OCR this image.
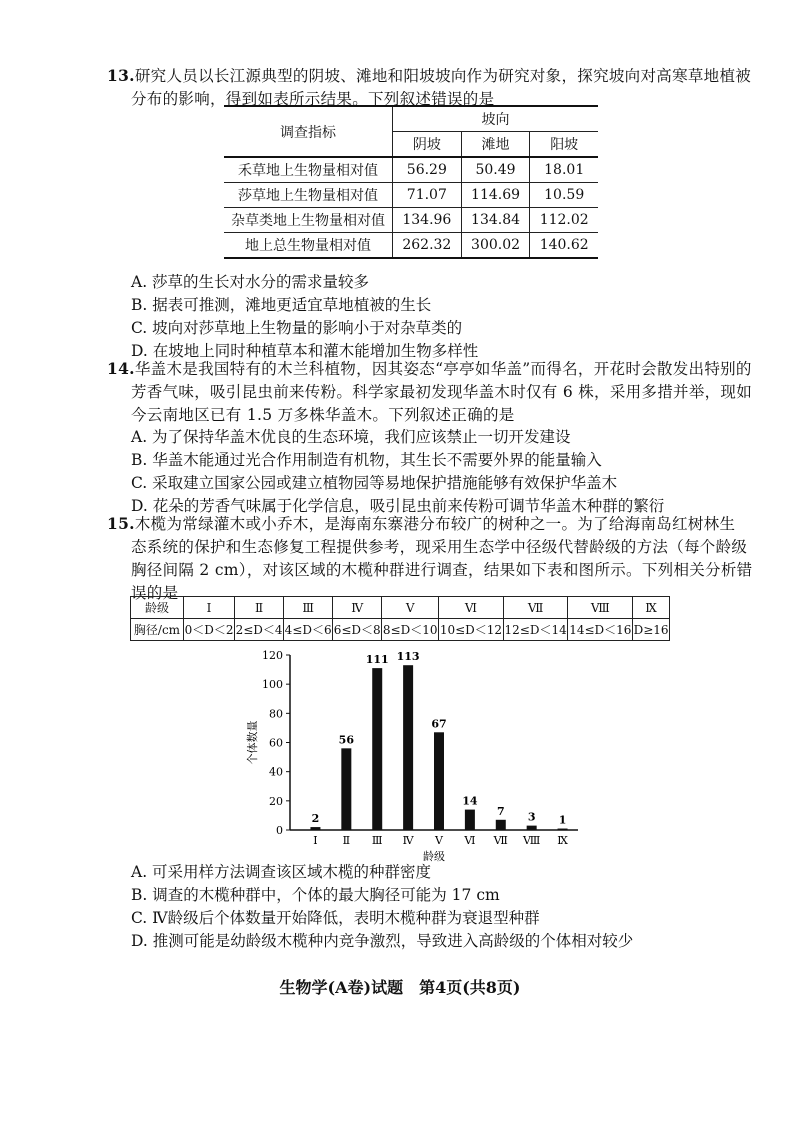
13.研究人员以长江源典型的阴坡、滩地和阳坡坡向作为研究对象，探究坡向对高寒草地植被

分布的影响，得到如表所示结果。下列叙述错误的是

调查指标	坡向		
	阴坡	滩地	阳坡
禾草地上生物量相对值	56.29	50.49	18.01
莎草地上生物量相对值	71.07	114.69	10.59
杂草类地上生物量相对值	134.96	134.84	112.02
地上总生物量相对值	262.32	300.02	140.62

A. 莎草的生长对水分的需求量较多

B. 据表可推测，滩地更适宜草地植被的生长

C. 坡向对莎草地上生物量的影响小于对杂草类的

D. 在坡地上同时种植草本和灌木能增加生物多样性

14.华盖木是我国特有的木兰科植物，因其姿态“亭亭如华盖”而得名，开花时会散发出特别的

芳香气味，吸引昆虫前来传粉。科学家最初发现华盖木时仅有 6 株，采用多措并举，现如

今云南地区已有 1.5 万多株华盖木。下列叙述正确的是

A. 为了保持华盖木优良的生态环境，我们应该禁止一切开发建设

B. 华盖木能通过光合作用制造有机物，其生长不需要外界的能量输入

C. 采取建立国家公园或建立植物园等易地保护措施能够有效保护华盖木

D. 花朵的芳香气味属于化学信息，吸引昆虫前来传粉可调节华盖木种群的繁衍

15.木榄为常绿灌木或小乔木，是海南东寨港分布较广的树种之一。为了给海南岛红树林生

态系统的保护和生态修复工程提供参考，现采用生态学中径级代替龄级的方法（每个龄级

胸径间隔 2 cm），对该区域的木榄种群进行调查，结果如下表和图所示。下列相关分析错

误的是

龄级	Ⅰ	Ⅱ	Ⅲ	Ⅳ	Ⅴ	Ⅵ	Ⅶ	Ⅷ	Ⅸ
胸径/cm	0＜D＜2	2≤D＜4	4≤D＜6	6≤D＜8	8≤D＜10	10≤D＜12	12≤D＜14	14≤D＜16	D≥16
0
20
40
60
80
100
120
2
Ⅰ
56
Ⅱ
111
Ⅲ
113
Ⅳ
67
Ⅴ
14
Ⅵ
7
Ⅶ
3
Ⅷ
1
Ⅸ
龄级
个体数量

A. 可采用样方法调查该区域木榄的种群密度

B. 调查的木榄种群中，个体的最大胸径可能为 17 cm

C. Ⅳ龄级后个体数量开始降低，表明木榄种群为衰退型种群

D. 推测可能是幼龄级木榄种内竞争激烈，导致进入高龄级的个体相对较少

生物学(A卷)试题　第4页(共8页)
